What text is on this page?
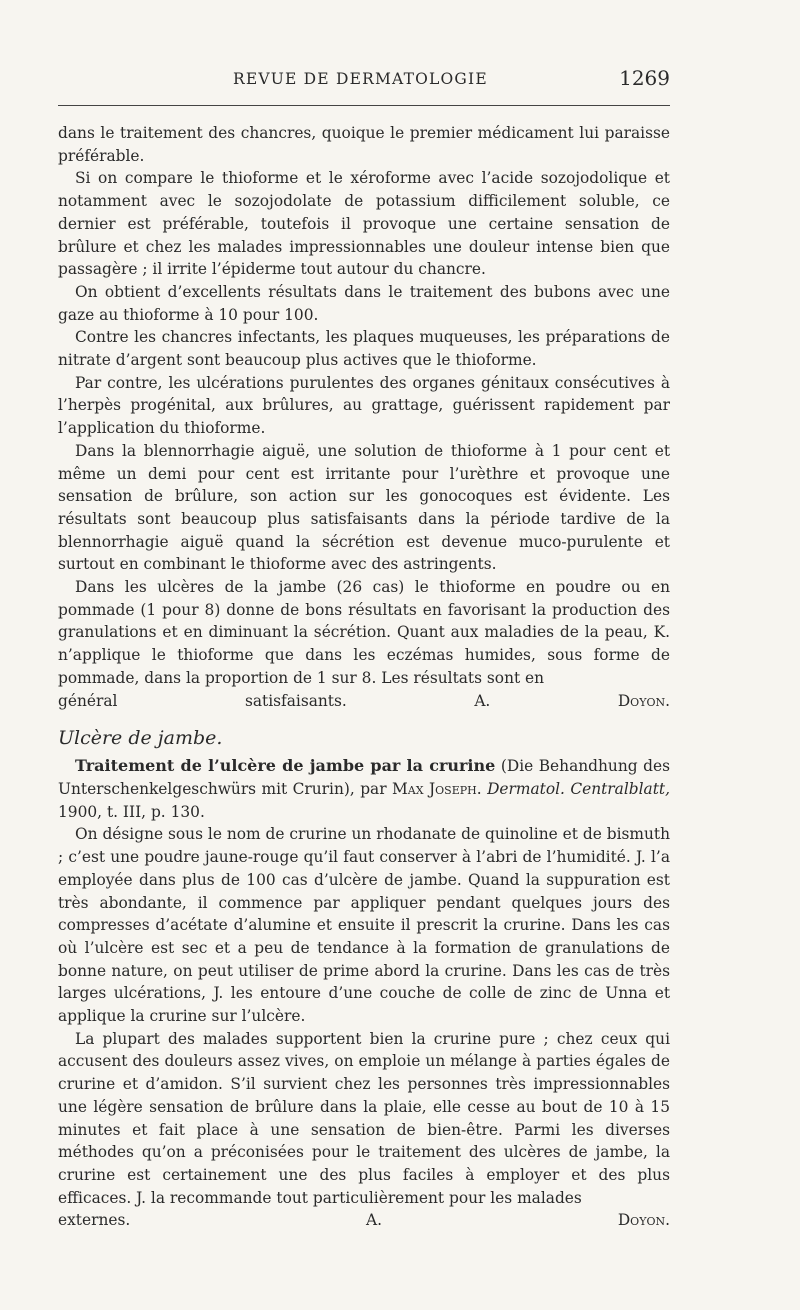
REVUE DE DERMATOLOGIE	1269

dans le traitement des chancres, quoique le premier médicament lui paraisse préférable.

Si on compare le thioforme et le xéroforme avec l’acide sozojodolique et notamment avec le sozojodolate de potassium difficilement soluble, ce dernier est préférable, toutefois il provoque une certaine sensation de brûlure et chez les malades impressionnables une douleur intense bien que passagère ; il irrite l’épiderme tout autour du chancre.

On obtient d’excellents résultats dans le traitement des bubons avec une gaze au thioforme à 10 pour 100.

Contre les chancres infectants, les plaques muqueuses, les préparations de nitrate d’argent sont beaucoup plus actives que le thioforme.

Par contre, les ulcérations purulentes des organes génitaux consécutives à l’herpès progénital, aux brûlures, au grattage, guérissent rapidement par l’application du thioforme.

Dans la blennorrhagie aiguë, une solution de thioforme à 1 pour cent et même un demi pour cent est irritante pour l’urèthre et provoque une sensation de brûlure, son action sur les gonocoques est évidente. Les résultats sont beaucoup plus satisfaisants dans la période tardive de la blennorrhagie aiguë quand la sécrétion est devenue muco-purulente et surtout en combinant le thioforme avec des astringents.

Dans les ulcères de la jambe (26 cas) le thioforme en poudre ou en pommade (1 pour 8) donne de bons résultats en favorisant la production des granulations et en diminuant la sécrétion. Quant aux maladies de la peau, K. n’applique le thioforme que dans les eczémas humides, sous forme de pommade, dans la proportion de 1 sur 8. Les résultats sont en

général satisfaisants.	A. Doyon.

Ulcère de jambe.

Traitement de l’ulcère de jambe par la crurine (Die Behandhung des Unterschenkelgeschwürs mit Crurin), par Max Joseph. Dermatol. Centralblatt, 1900, t. III, p. 130.

On désigne sous le nom de crurine un rhodanate de quinoline et de bismuth ; c’est une poudre jaune-rouge qu’il faut conserver à l’abri de l’humidité. J. l’a employée dans plus de 100 cas d’ulcère de jambe. Quand la suppuration est très abondante, il commence par appliquer pendant quelques jours des compresses d’acétate d’alumine et ensuite il prescrit la crurine. Dans les cas où l’ulcère est sec et a peu de tendance à la formation de granulations de bonne nature, on peut utiliser de prime abord la crurine. Dans les cas de très larges ulcérations, J. les entoure d’une couche de colle de zinc de Unna et applique la crurine sur l’ulcère.

La plupart des malades supportent bien la crurine pure ; chez ceux qui accusent des douleurs assez vives, on emploie un mélange à parties égales de crurine et d’amidon. S’il survient chez les personnes très impressionnables une légère sensation de brûlure dans la plaie, elle cesse au bout de 10 à 15 minutes et fait place à une sensation de bien-être. Parmi les diverses méthodes qu’on a préconisées pour le traitement des ulcères de jambe, la crurine est certainement une des plus faciles à employer et des plus efficaces. J. la recommande tout particulièrement pour les malades

externes.	A. Doyon.
